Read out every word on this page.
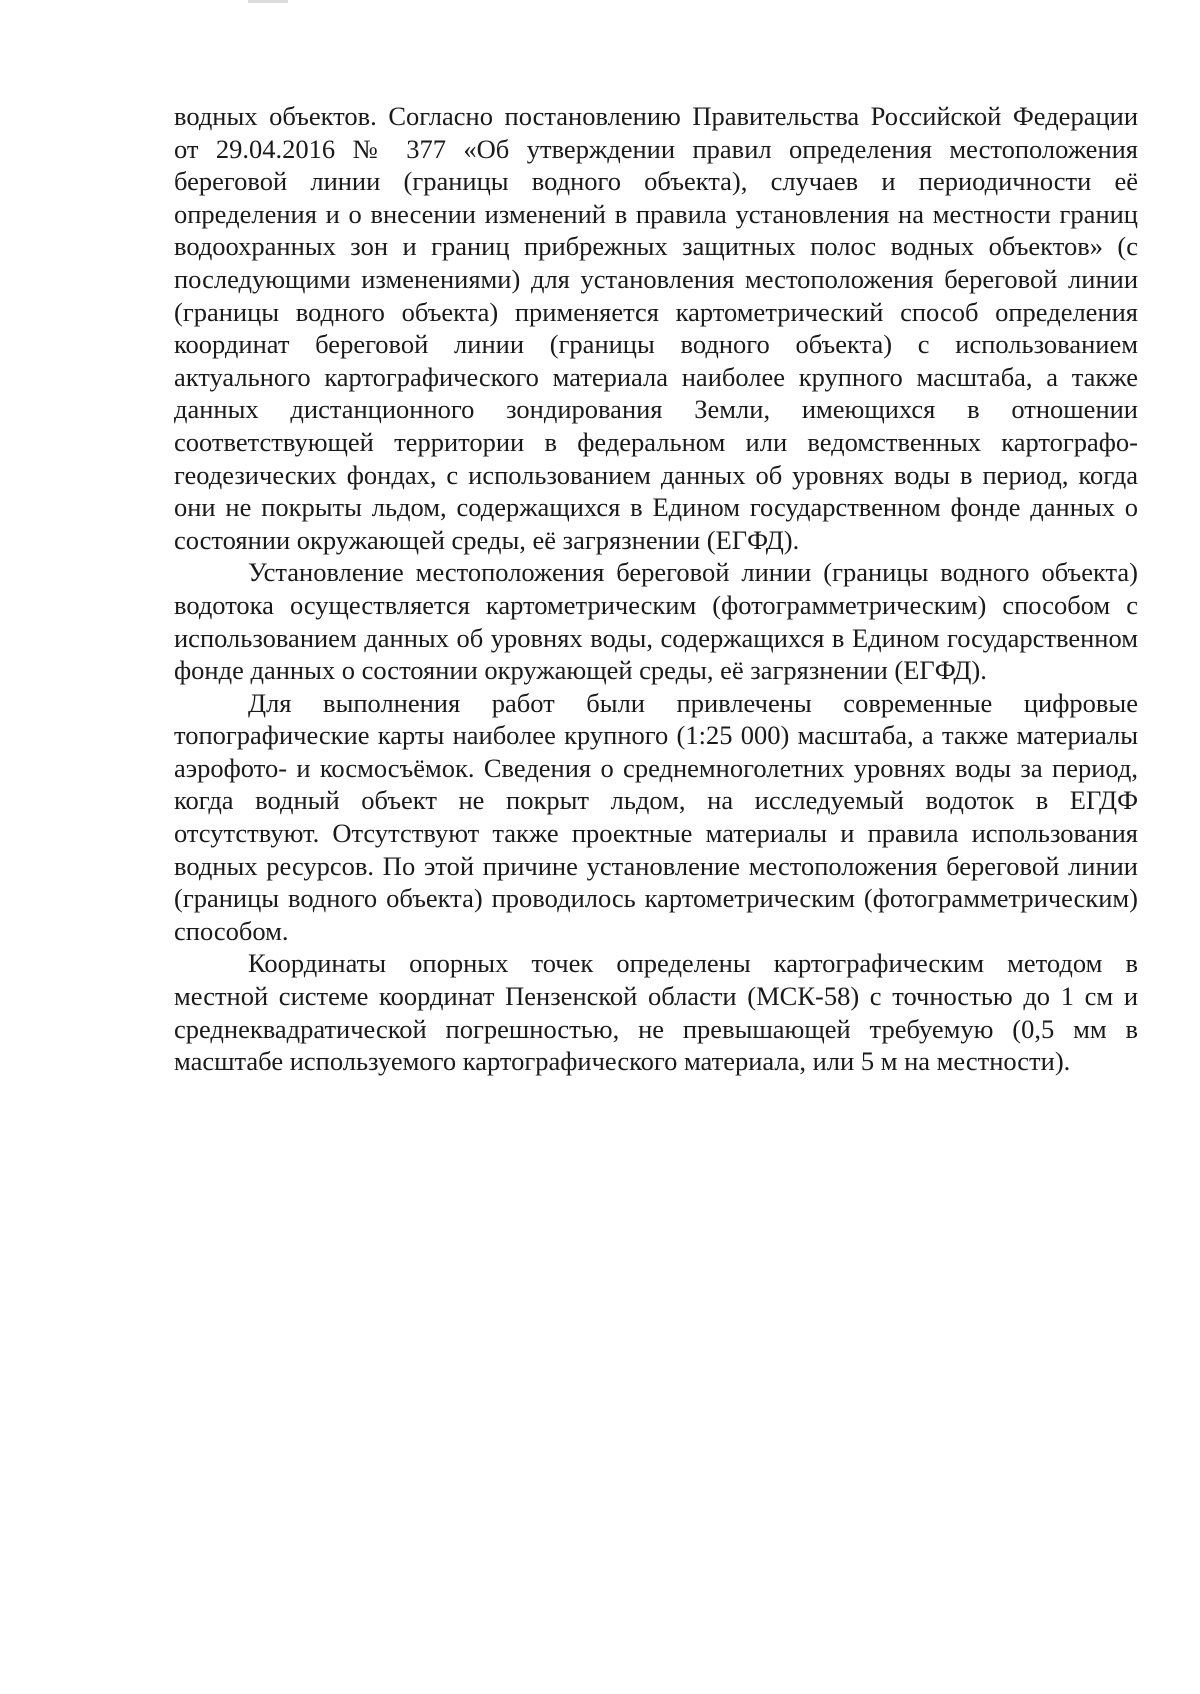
водных объектов. Согласно постановлению Правительства Российской Федерации от 29.04.2016 № 377 «Об утверждении правил определения местоположения береговой линии (границы водного объекта), случаев и периодичности её определения и о внесении изменений в правила установления на местности границ водоохранных зон и границ прибрежных защитных полос водных объектов» (с последующими изменениями) для установления местоположения береговой линии (границы водного объекта) применяется картометрический способ определения координат береговой линии (границы водного объекта) с использованием актуального картографического материала наиболее крупного масштаба, а также данных дистанционного зондирования Земли, имеющихся в отношении соответствующей территории в федеральном или ведомственных картографо-геодезических фондах, с использованием данных об уровнях воды в период, когда они не покрыты льдом, содержащихся в Едином государственном фонде данных о состоянии окружающей среды, её загрязнении (ЕГФД).

Установление местоположения береговой линии (границы водного объекта) водотока осуществляется картометрическим (фотограмметрическим) способом с использованием данных об уровнях воды, содержащихся в Едином государственном фонде данных о состоянии окружающей среды, её загрязнении (ЕГФД).

Для выполнения работ были привлечены современные цифровые топографические карты наиболее крупного (1:25 000) масштаба, а также материалы аэрофото- и космосъёмок. Сведения о среднемноголетних уровнях воды за период, когда водный объект не покрыт льдом, на исследуемый водоток в ЕГДФ отсутствуют. Отсутствуют также проектные материалы и правила использования водных ресурсов. По этой причине установление местоположения береговой линии (границы водного объекта) проводилось картометрическим (фотограмметрическим) способом.

Координаты опорных точек определены картографическим методом в местной системе координат Пензенской области (МСК-58) с точностью до 1 см и среднеквадратической погрешностью, не превышающей требуемую (0,5 мм в масштабе используемого картографического материала, или 5 м на местности).
